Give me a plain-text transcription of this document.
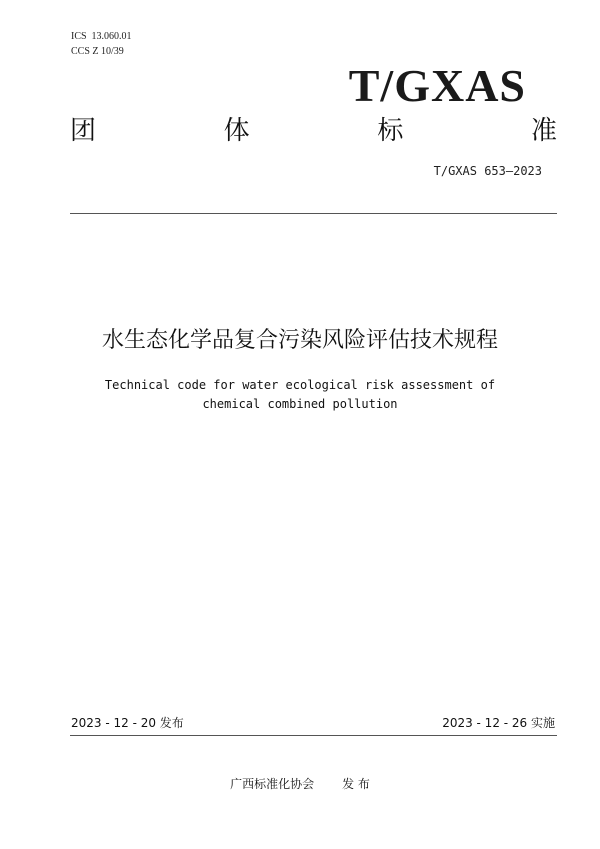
ICS  13.060.01
CCS Z 10/39
T/GXAS
团	体	标	准
T/GXAS 653—2023
水生态化学品复合污染风险评估技术规程
Technical code for water ecological risk assessment of
chemical combined pollution
2023 - 12 - 20 发布	2023 - 12 - 26 实施
广西标准化协会 发 布
